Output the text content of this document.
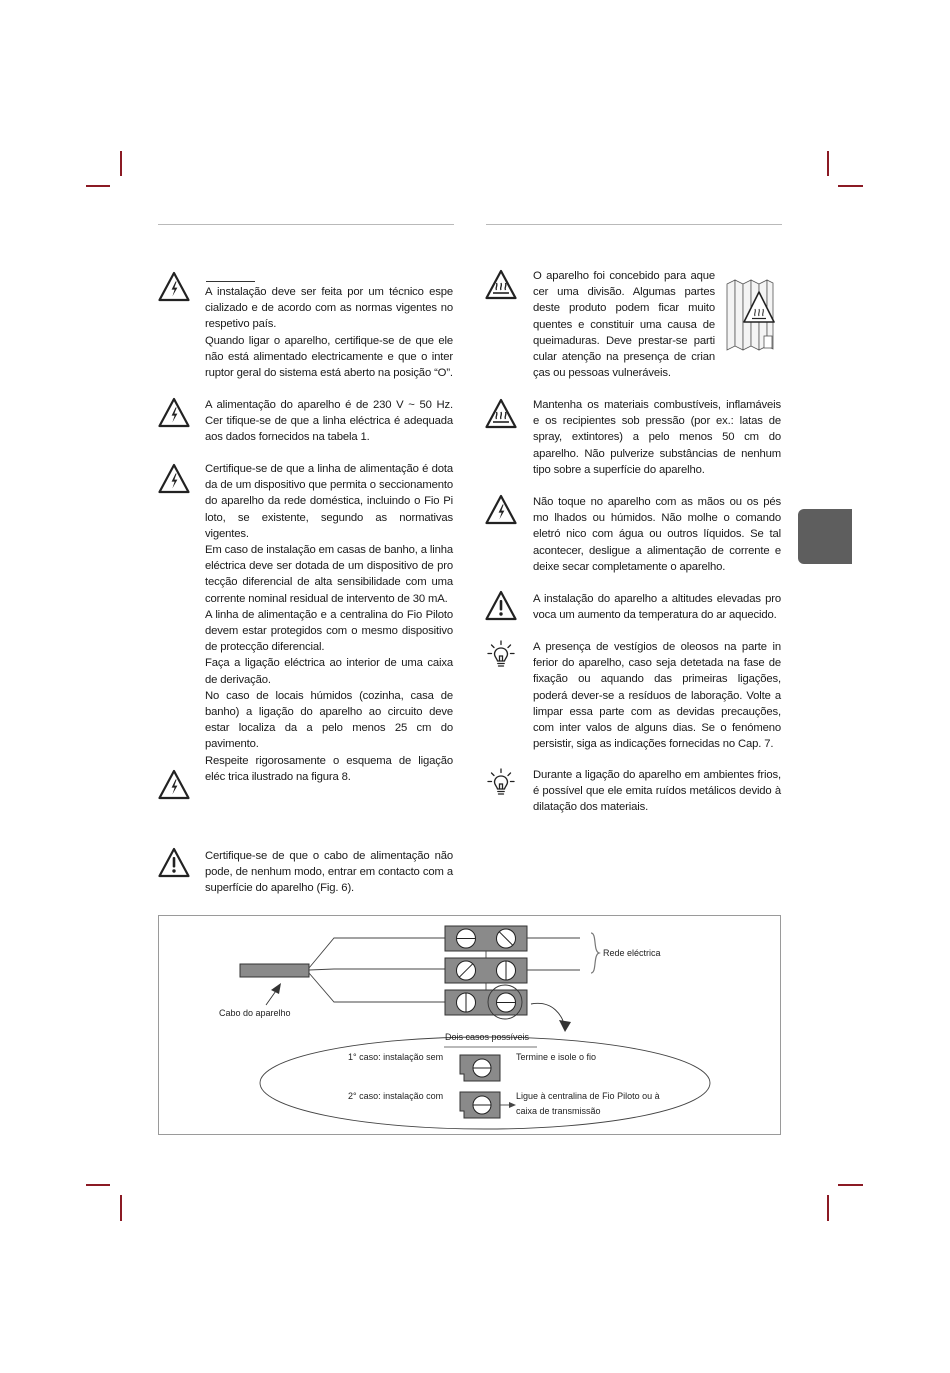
A instalação deve ser feita por um técnico espe cializado e de acordo com as normas vigentes no respetivo país.

Quando ligar o aparelho, certifique-se de que ele não está alimentado electricamente e que o inter ruptor geral do sistema está aberto na posição “O”.

A alimentação do aparelho é de 230 V ~ 50 Hz. Cer tifique-se de que a linha eléctrica é adequada aos dados fornecidos na tabela 1.

Certifique-se de que a linha de alimentação é dota da de um dispositivo que permita o seccionamento do aparelho da rede doméstica, incluindo o Fio Pi loto, se existente, segundo as normativas vigentes.

Em caso de instalação em casas de banho, a linha eléctrica deve ser dotada de um dispositivo de pro tecção diferencial de alta sensibilidade com uma corrente nominal residual de intervento de 30 mA.

A linha de alimentação e a centralina do Fio Piloto devem estar protegidos com o mesmo dispositivo de protecção diferencial.

Faça a ligação eléctrica ao interior de uma caixa de derivação.

No caso de locais húmidos (cozinha, casa de banho) a ligação do aparelho ao circuito deve estar localiza da a pelo menos 25 cm do pavimento.

Respeite rigorosamente o esquema de ligação eléc trica ilustrado na figura 8.

Certifique-se de que o cabo de alimentação não pode, de nenhum modo, entrar em contacto com a superfície do aparelho (Fig. 6).

O aparelho foi concebido para aque cer uma divisão. Algumas partes deste produto podem ficar muito quentes e constituir uma causa de queimaduras. Deve prestar-se parti cular atenção na presença de crian ças ou pessoas vulneráveis.

Mantenha os materiais combustíveis, inflamáveis e os recipientes sob pressão (por ex.: latas de spray, extintores) a pelo menos 50 cm do aparelho. Não pulverize substâncias de nenhum tipo sobre a superfície do aparelho.

Não toque no aparelho com as mãos ou os pés mo lhados ou húmidos. Não molhe o comando eletró nico com água ou outros líquidos. Se tal acontecer, desligue a alimentação de corrente e deixe secar completamente o aparelho.

A instalação do aparelho a altitudes elevadas pro voca um aumento da temperatura do ar aquecido.

A presença de vestígios de oleosos na parte in ferior do aparelho, caso seja detetada na fase de fixação ou aquando das primeiras ligações, poderá dever-se a resíduos de laboração. Volte a limpar essa parte com as devidas precauções, com inter valos de alguns dias. Se o fenómeno persistir, siga as indicações fornecidas no Cap. 7.

Durante a ligação do aparelho em ambientes frios, é possível que ele emita ruídos metálicos devido à dilatação dos materiais.

Rede eléctrica
Cabo do aparelho
Dois casos possíveis
1° caso: instalação sem	Termine e isole o fio
2° caso: instalação com	Ligue à centralina de Fio Piloto ou à
caixa de transmissão
